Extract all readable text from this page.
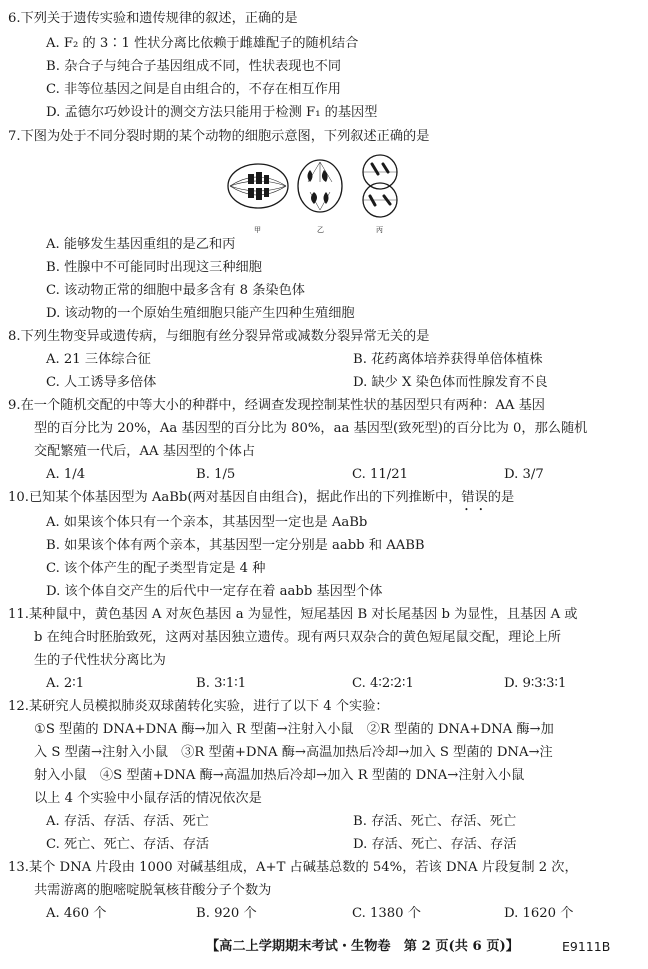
6.下列关于遗传实验和遗传规律的叙述，正确的是
A. F₂ 的 3∶1 性状分离比依赖于雌雄配子的随机结合
B. 杂合子与纯合子基因组成不同，性状表现也不同
C. 非等位基因之间是自由组合的，不存在相互作用
D. 孟德尔巧妙设计的测交方法只能用于检测 F₁ 的基因型
7.下图为处于不同分裂时期的某个动物的细胞示意图，下列叙述正确的是
甲	乙	丙
A. 能够发生基因重组的是乙和丙
B. 性腺中不可能同时出现这三种细胞
C. 该动物正常的细胞中最多含有 8 条染色体
D. 该动物的一个原始生殖细胞只能产生四种生殖细胞
8.下列生物变异或遗传病，与细胞有丝分裂异常或减数分裂异常无关的是
A. 21 三体综合征	B. 花药离体培养获得单倍体植株
C. 人工诱导多倍体	D. 缺少 X 染色体而性腺发育不良
9.在一个随机交配的中等大小的种群中，经调查发现控制某性状的基因型只有两种：AA 基因
型的百分比为 20%，Aa 基因型的百分比为 80%，aa 基因型(致死型)的百分比为 0，那么随机
交配繁殖一代后，AA 基因型的个体占
A. 1/4	B. 1/5	C. 11/21	D. 3/7
10.已知某个体基因型为 AaBb(两对基因自由组合)，据此作出的下列推断中，错误 • •的是
A. 如果该个体只有一个亲本，其基因型一定也是 AaBb
B. 如果该个体有两个亲本，其基因型一定分别是 aabb 和 AABB
C. 该个体产生的配子类型肯定是 4 种
D. 该个体自交产生的后代中一定存在着 aabb 基因型个体
11.某种鼠中，黄色基因 A 对灰色基因 a 为显性，短尾基因 B 对长尾基因 b 为显性，且基因 A 或
b 在纯合时胚胎致死，这两对基因独立遗传。现有两只双杂合的黄色短尾鼠交配，理论上所
生的子代性状分离比为
A. 2∶1	B. 3∶1∶1	C. 4∶2∶2∶1	D. 9∶3∶3∶1
12.某研究人员模拟肺炎双球菌转化实验，进行了以下 4 个实验：
①S 型菌的 DNA+DNA 酶→加入 R 型菌→注射入小鼠　②R 型菌的 DNA+DNA 酶→加
入 S 型菌→注射入小鼠　③R 型菌+DNA 酶→高温加热后冷却→加入 S 型菌的 DNA→注
射入小鼠　④S 型菌+DNA 酶→高温加热后冷却→加入 R 型菌的 DNA→注射入小鼠
以上 4 个实验中小鼠存活的情况依次是
A. 存活、存活、存活、死亡	B. 存活、死亡、存活、死亡
C. 死亡、死亡、存活、存活	D. 存活、死亡、存活、存活
13.某个 DNA 片段由 1000 对碱基组成，A+T 占碱基总数的 54%，若该 DNA 片段复制 2 次，
共需游离的胞嘧啶脱氧核苷酸分子个数为
A. 460 个	B. 920 个	C. 1380 个	D. 1620 个
【高二上学期期末考试・生物卷　第 2 页(共 6 页)】	E9111B
